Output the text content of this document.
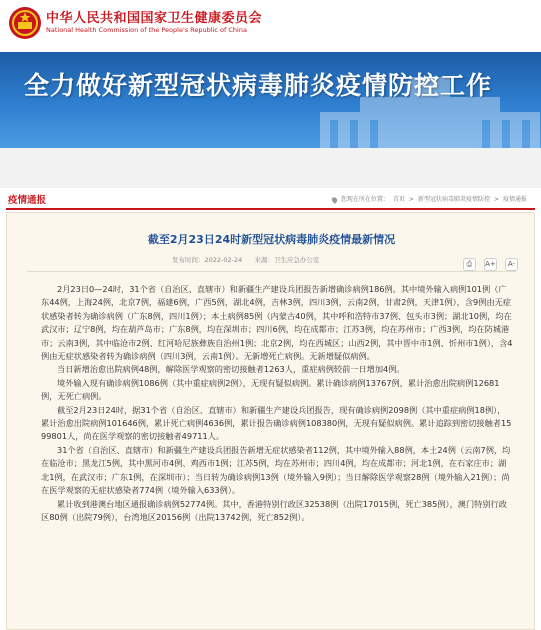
中华人民共和国国家卫生健康委员会
National Health Commission of the People's Republic of China
全力做好新型冠状病毒肺炎疫情防控工作
疫情通报	您现在所在位置： 首页 > 新型冠状病毒肺炎疫情防控 > 疫情通报
截至2月23日24时新型冠状病毒肺炎疫情最新情况
发布时间：2022-02-24 来源：卫生应急办公室	⎙ A+ A-

2月23日0—24时，31个省（自治区、直辖市）和新疆生产建设兵团报告新增确诊病例186例。其中境外输入病例101例（广东44例，上海24例，北京7例，福建6例，广西5例，湖北4例，吉林3例，四川3例，云南2例，甘肃2例，天津1例），含9例由无症状感染者转为确诊病例（广东8例，四川1例）；本土病例85例（内蒙古40例，其中呼和浩特市37例、包头市3例；湖北10例，均在武汉市；辽宁8例，均在葫芦岛市；广东8例，均在深圳市；四川6例，均在成都市；江苏3例，均在苏州市；广西3例，均在防城港市；云南3例，其中临沧市2例、红河哈尼族彝族自治州1例；北京2例，均在西城区；山西2例，其中晋中市1例、忻州市1例），含4例由无症状感染者转为确诊病例（四川3例，云南1例）。无新增死亡病例。无新增疑似病例。

当日新增治愈出院病例48例，解除医学观察的密切接触者1263人，重症病例较前一日增加4例。

境外输入现有确诊病例1086例（其中重症病例2例），无现有疑似病例。累计确诊病例13767例，累计治愈出院病例12681例，无死亡病例。

截至2月23日24时，据31个省（自治区、直辖市）和新疆生产建设兵团报告，现有确诊病例2098例（其中重症病例18例），累计治愈出院病例101646例，累计死亡病例4636例，累计报告确诊病例108380例，无现有疑似病例。累计追踪到密切接触者1599801人，尚在医学观察的密切接触者49711人。

31个省（自治区、直辖市）和新疆生产建设兵团报告新增无症状感染者112例，其中境外输入88例，本土24例（云南7例，均在临沧市；黑龙江5例，其中黑河市4例、鸡西市1例；江苏5例，均在苏州市；四川4例，均在成都市；河北1例，在石家庄市；湖北1例，在武汉市；广东1例，在深圳市）；当日转为确诊病例13例（境外输入9例）；当日解除医学观察28例（境外输入21例）；尚在医学观察的无症状感染者774例（境外输入633例）。

累计收到港澳台地区通报确诊病例52774例。其中，香港特别行政区32538例（出院17015例，死亡385例），澳门特别行政区80例（出院79例），台湾地区20156例（出院13742例，死亡852例）。
